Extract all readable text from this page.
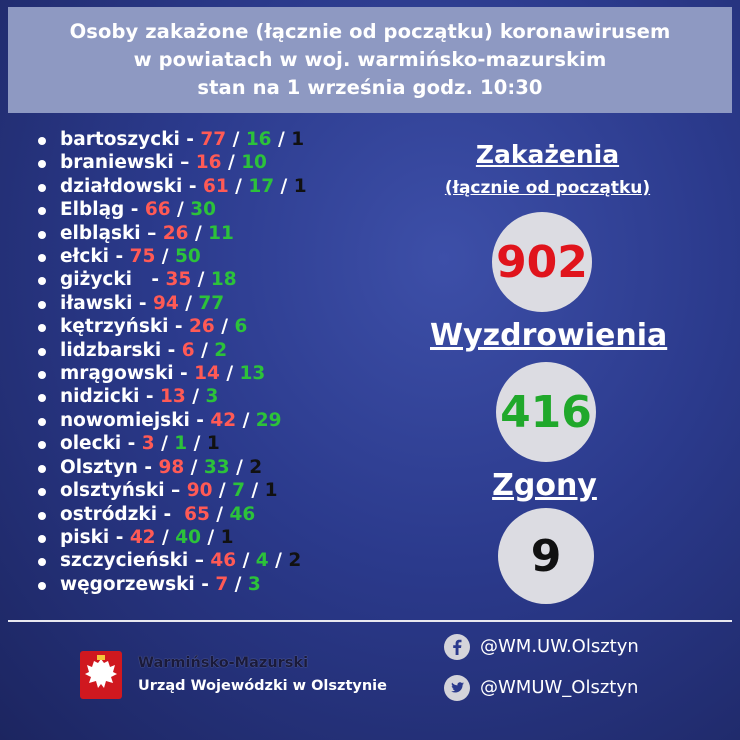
Osoby zakażone (łącznie od początku) koronawirusem
w powiatach w woj. warmińsko-mazurskim
stan na 1 września godz. 10:30
bartoszycki - 77 / 16 / 1
braniewski – 16 / 10
działdowski - 61 / 17 / 1
Elbląg - 66 / 30
elbląski – 26 / 11
ełcki - 75 / 50
giżycki   - 35 / 18
iławski - 94 / 77
kętrzyński - 26 / 6
lidzbarski - 6 / 2
mrągowski - 14 / 13
nidzicki - 13 / 3
nowomiejski - 42 / 29
olecki - 3 / 1 / 1
Olsztyn - 98 / 33 / 2
olsztyński – 90 / 7 / 1
ostródzki -  65 / 46
piski - 42 / 40 / 1
szczycieński – 46 / 4 / 2
węgorzewski - 7 / 3
Zakażenia
(łącznie od początku)
902
Wyzdrowienia
416
Zgony
9
Warmińsko-Mazurski
Urząd Wojewódzki w Olsztynie
@WM.UW.Olsztyn
@WMUW_Olsztyn
